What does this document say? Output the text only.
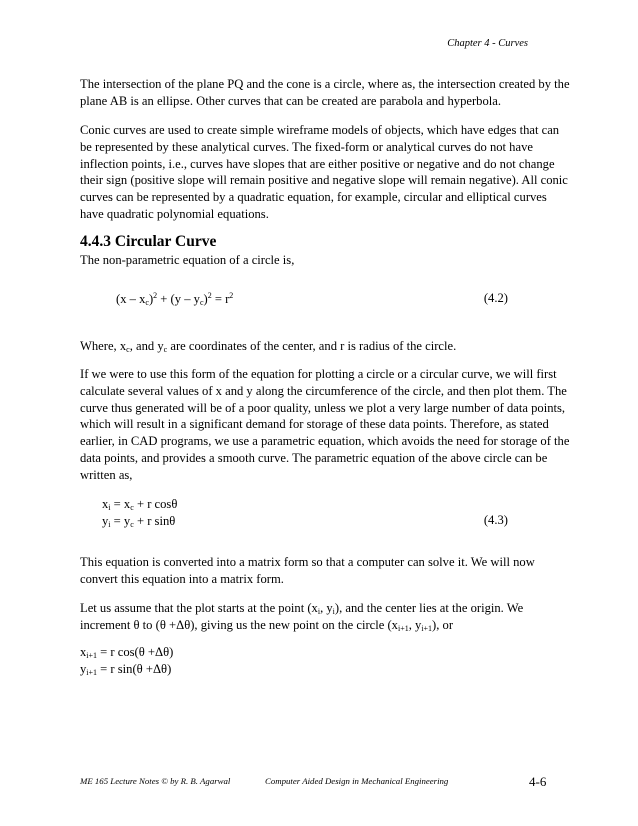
Chapter 4 - Curves

The intersection of the plane PQ and the cone is a circle, where as, the intersection created by the plane AB is an ellipse. Other curves that can be created are parabola and hyperbola.

Conic curves are used to create simple wireframe models of objects, which have edges that can be represented by these analytical curves. The fixed-form or analytical curves do not have inflection points, i.e., curves have slopes that are either positive or negative and do not change their sign (positive slope will remain positive and negative slope will remain negative). All conic curves can be represented by a quadratic equation, for example, circular and elliptical curves have quadratic polynomial equations.

4.4.3 Circular Curve

The non-parametric equation of a circle is,

$(x - x_c)^2 + (y - y_c)^2 = r^2$	(4.2)

Where, $x_c$, and $y_c$ are coordinates of the center, and r is radius of the circle.

If we were to use this form of the equation for plotting a circle or a circular curve, we will first calculate several values of x and y along the circumference of the circle, and then plot them. The curve thus generated will be of a poor quality, unless we plot a very large number of data points, which will result in a significant demand for storage of these data points. Therefore, as stated earlier, in CAD programs, we use a parametric equation, which avoids the need for storage of the data points, and provides a smooth curve. The parametric equation of the above circle can be written as,

$x_i = x_c + r$ cosθ
$y_i = y_c + r$ sinθ	(4.3)

This equation is converted into a matrix form so that a computer can solve it. We will now convert this equation into a matrix form.

Let us assume that the plot starts at the point ($x_i$, $y_i$), and the center lies at the origin. We increment θ to (θ +Δθ), giving us the new point on the circle ($x_{i+1}$, $y_{i+1}$), or

$x_{i+1} = r$ cos(θ +Δθ)
$y_{i+1} = r$ sin(θ +Δθ)
ME 165 Lecture Notes © by R. B. Agarwal	Computer Aided Design in Mechanical Engineering	4-6
